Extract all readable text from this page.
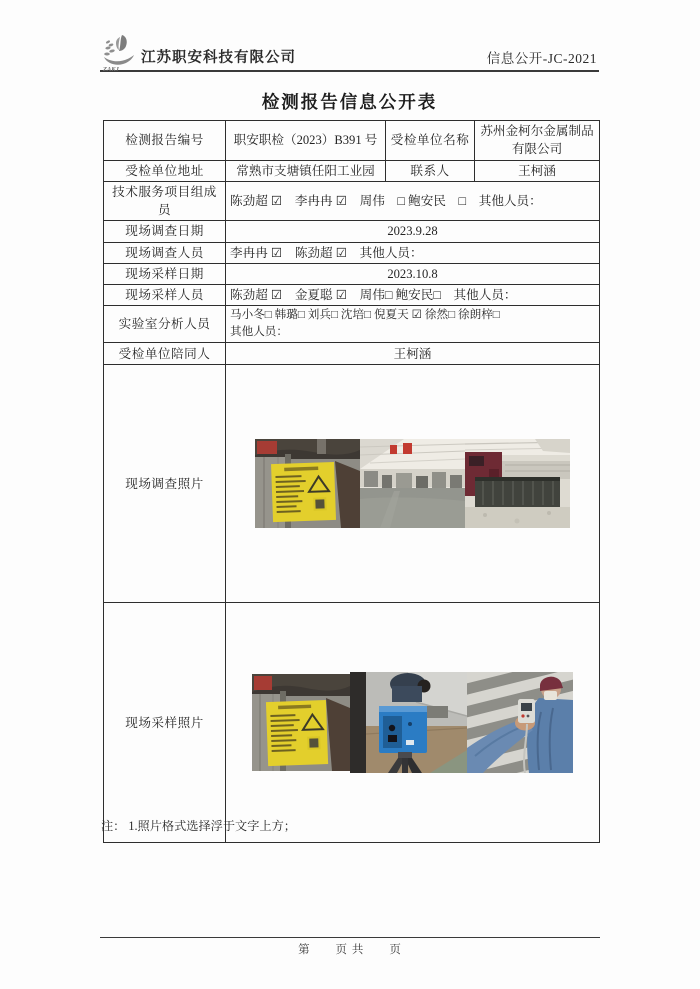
ZAKJ
江苏职安科技有限公司	信息公开-JC-2021
检测报告信息公开表
检测报告编号	职安职检（2023）B391 号	受检单位名称	苏州金柯尔金属制品有限公司
受检单位地址	常熟市支塘镇任阳工业园	联系人	王柯涵
技术服务项目组成员	陈劲超 ☑　李冉冉 ☑　周伟　□ 鲍安民　□　其他人员：		
现场调查日期	2023.9.28		
现场调查人员	李冉冉 ☑　陈劲超 ☑　其他人员：		
现场采样日期	2023.10.8		
现场采样人员	陈劲超 ☑　金夏聪 ☑　周伟□ 鲍安民□　其他人员：		
实验室分析人员	马小冬□ 韩璐□ 刘兵□ 沈培□ 倪夏天 ☑ 徐然□ 徐朗梓□
其他人员：		

受检单位陪同人	王柯涵		
现场调查照片	

现场采样照片	
注： 1.照片格式选择浮于文字上方；
第　　页 共　　页
